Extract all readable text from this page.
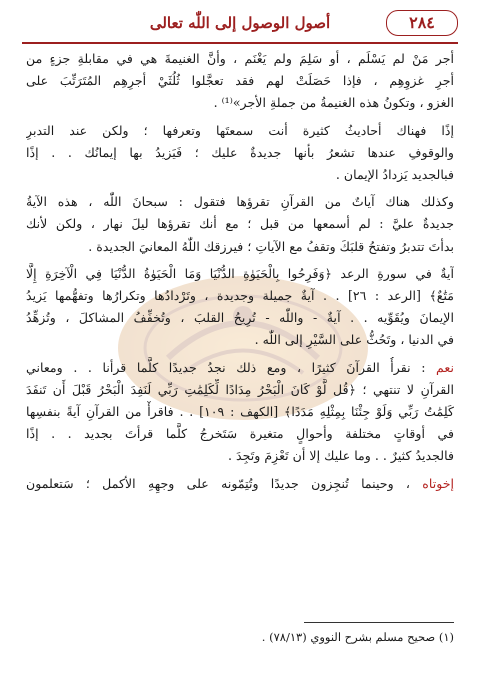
أصول الوصول إلى اللّٰه تعالى	٢٨٤

أجر مَنْ لم يَسْلَم ، أو سَلِمَ ولم يَغْنَم ، وأنَّ الغنيمةَ هي في مقابلةِ جزءٍ من
أجرِ غزوِهِم ، فإذا حَصَلَتْ لهم فقد تعجَّلوا ثُلُثَيْ أجرِهِم المُتَرَتِّبَ على
الغزو ، وتكونُ هذه الغنيمةُ من جملةِ الأجر»⁽¹⁾ .

إذًا فهناك أحاديثُ كثيرة أنت سمعتَها وتعرفها ؛ ولكن عند التدبرِ
والوقوفِ عندها تشعرُ بأنها جديدةٌ عليك ؛ فَيَزيدُ بها إيمانُك . . إذًا
فبالجديد يَزدادُ الإيمان .

وكذلك هناك آياتٌ من القرآنِ تقرؤها فتقول : سبحانَ اللّٰه ، هذه الآيةُ
جديدةٌ عليَّ : لم أسمعها من قبل ؛ مع أنك تقرؤها ليلَ نهار ، ولكن لأنك
بدأتَ تتدبرُ وتفتحُ قلبَكَ وتقفُ مع الآياتِ ؛ فيرزقك اللّٰهُ المعانيَ الجديدة .

آيةٌ في سورةِ الرعد ﴿وَفَرِحُوا بِالْحَيَوٰةِ الدُّنْيَا وَمَا الْحَيَوٰةُ الدُّنْيَا فِي الْآخِرَةِ إِلَّا
مَتَٰعٌ﴾ [الرعد : ٢٦] . . آيةٌ جميلة وجديدة ، وتَرْدادُها وتكرارُها وتفهُّمها يَزيدُ
الإيمانَ ويُقَوِّيه . . آيةٌ - واللّٰه - تُرِيحُ القلبَ ، وتُخفِّفُ المشاكلَ ، وتُزهِّدُ
في الدنيا ، وتَحُثُّ على السَّيْرِ إلى اللّٰه .

نعم : نقرأُ القرآنَ كثيرًا ، ومع ذلك نجدُ جديدًا كلَّما قرأنا . . ومعاني
القرآنِ لا تنتهي ؛ ﴿قُل لَّوْ كَانَ الْبَحْرُ مِدَادًا لِّكَلِمَٰتِ رَبِّي لَنَفِدَ الْبَحْرُ قَبْلَ أَن تَنفَدَ
كَلِمَٰتُ رَبِّي وَلَوْ جِئْنَا بِمِثْلِهِ مَدَدًا﴾ [الكهف : ١٠٩] . . فاقرأْ من القرآنِ آيةً بنفسِها
في أوقاتٍ مختلفة وأحوالٍ متغيرة سَتَخرجُ كلَّما قرأتَ بجديد . . إذًا
فالجديدُ كثيرٌ . . وما عليك إلا أن تَعْزِمَ وتَجِدَ .

إخوتاه ، وحينما تُنجِزون جديدًا وتُتِمّونه على وجهِهِ الأكمل ؛ سَتعلمون

(١) صحيح مسلم بشرح النووي (٧٨/١٣) .
